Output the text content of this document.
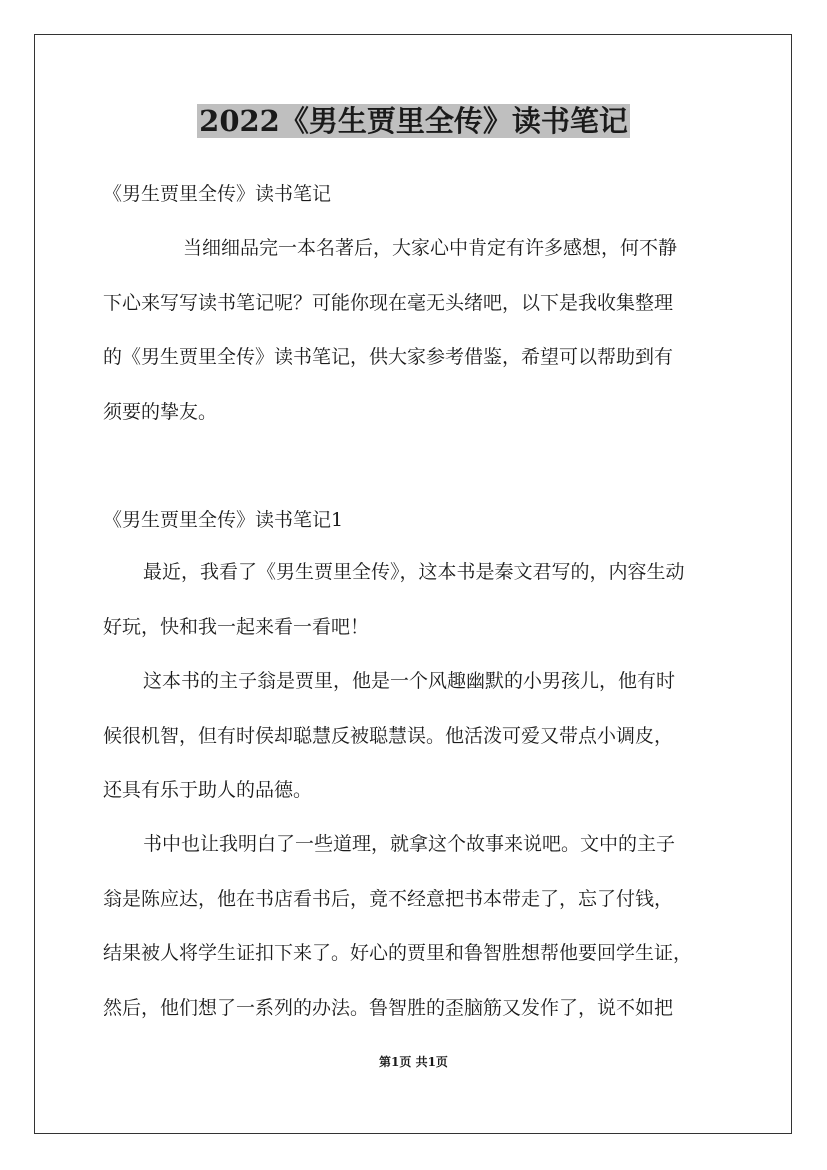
2022《男生贾里全传》读书笔记

《男生贾里全传》读书笔记

当细细品完一本名著后，大家心中肯定有许多感想，何不静
下心来写写读书笔记呢？可能你现在毫无头绪吧，以下是我收集整理
的《男生贾里全传》读书笔记，供大家参考借鉴，希望可以帮助到有
须要的挚友。

《男生贾里全传》读书笔记1

最近，我看了《男生贾里全传》，这本书是秦文君写的，内容生动
好玩，快和我一起来看一看吧！
这本书的主子翁是贾里，他是一个风趣幽默的小男孩儿，他有时
候很机智，但有时侯却聪慧反被聪慧误。他活泼可爱又带点小调皮，
还具有乐于助人的品德。
书中也让我明白了一些道理，就拿这个故事来说吧。文中的主子
翁是陈应达，他在书店看书后，竟不经意把书本带走了，忘了付钱，
结果被人将学生证扣下来了。好心的贾里和鲁智胜想帮他要回学生证，
然后，他们想了一系列的办法。鲁智胜的歪脑筋又发作了，说不如把
第1页 共1页
